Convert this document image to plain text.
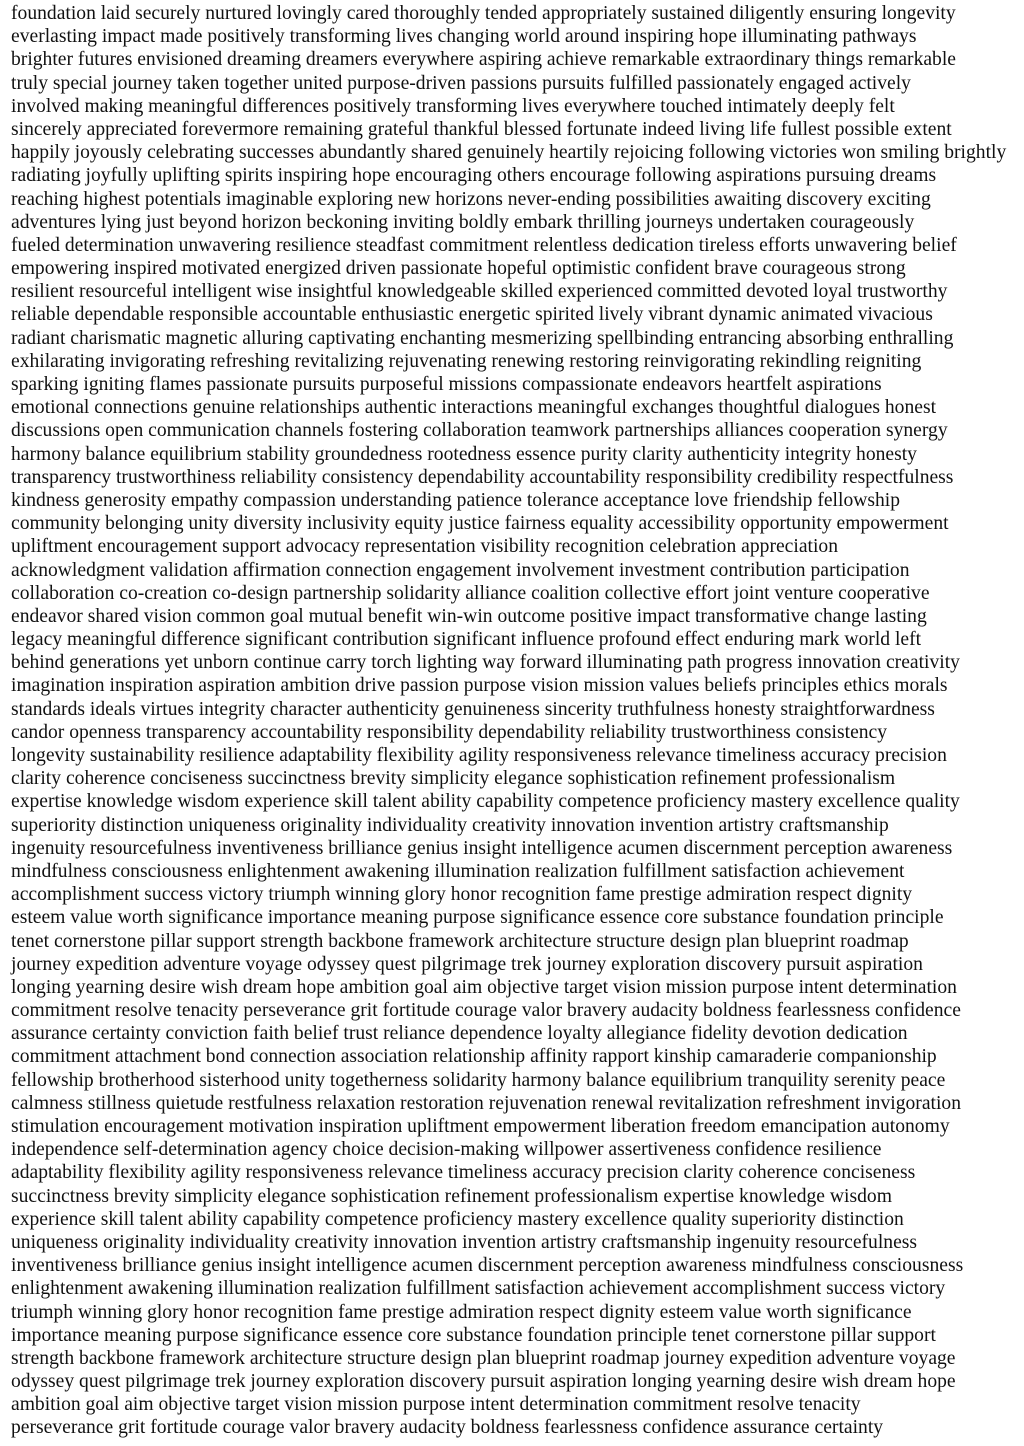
foundation laid securely nurtured lovingly cared thoroughly tended appropriately sustained diligently ensuring longevity
everlasting impact made positively transforming lives changing world around inspiring hope illuminating pathways
brighter futures envisioned dreaming dreamers everywhere aspiring achieve remarkable extraordinary things remarkable
truly special journey taken together united purpose-driven passions pursuits fulfilled passionately engaged actively
involved making meaningful differences positively transforming lives everywhere touched intimately deeply felt
sincerely appreciated forevermore remaining grateful thankful blessed fortunate indeed living life fullest possible extent
happily joyously celebrating successes abundantly shared genuinely heartily rejoicing following victories won smiling brightly
radiating joyfully uplifting spirits inspiring hope encouraging others encourage following aspirations pursuing dreams
reaching highest potentials imaginable exploring new horizons never-ending possibilities awaiting discovery exciting
adventures lying just beyond horizon beckoning inviting boldly embark thrilling journeys undertaken courageously
fueled determination unwavering resilience steadfast commitment relentless dedication tireless efforts unwavering belief
empowering inspired motivated energized driven passionate hopeful optimistic confident brave courageous strong
resilient resourceful intelligent wise insightful knowledgeable skilled experienced committed devoted loyal trustworthy
reliable dependable responsible accountable enthusiastic energetic spirited lively vibrant dynamic animated vivacious
radiant charismatic magnetic alluring captivating enchanting mesmerizing spellbinding entrancing absorbing enthralling
exhilarating invigorating refreshing revitalizing rejuvenating renewing restoring reinvigorating rekindling reigniting
sparking igniting flames passionate pursuits purposeful missions compassionate endeavors heartfelt aspirations
emotional connections genuine relationships authentic interactions meaningful exchanges thoughtful dialogues honest
discussions open communication channels fostering collaboration teamwork partnerships alliances cooperation synergy
harmony balance equilibrium stability groundedness rootedness essence purity clarity authenticity integrity honesty
transparency trustworthiness reliability consistency dependability accountability responsibility credibility respectfulness
kindness generosity empathy compassion understanding patience tolerance acceptance love friendship fellowship
community belonging unity diversity inclusivity equity justice fairness equality accessibility opportunity empowerment
upliftment encouragement support advocacy representation visibility recognition celebration appreciation
acknowledgment validation affirmation connection engagement involvement investment contribution participation
collaboration co-creation co-design partnership solidarity alliance coalition collective effort joint venture cooperative
endeavor shared vision common goal mutual benefit win-win outcome positive impact transformative change lasting
legacy meaningful difference significant contribution significant influence profound effect enduring mark world left
behind generations yet unborn continue carry torch lighting way forward illuminating path progress innovation creativity
imagination inspiration aspiration ambition drive passion purpose vision mission values beliefs principles ethics morals
standards ideals virtues integrity character authenticity genuineness sincerity truthfulness honesty straightforwardness
candor openness transparency accountability responsibility dependability reliability trustworthiness consistency
longevity sustainability resilience adaptability flexibility agility responsiveness relevance timeliness accuracy precision
clarity coherence conciseness succinctness brevity simplicity elegance sophistication refinement professionalism
expertise knowledge wisdom experience skill talent ability capability competence proficiency mastery excellence quality
superiority distinction uniqueness originality individuality creativity innovation invention artistry craftsmanship
ingenuity resourcefulness inventiveness brilliance genius insight intelligence acumen discernment perception awareness
mindfulness consciousness enlightenment awakening illumination realization fulfillment satisfaction achievement
accomplishment success victory triumph winning glory honor recognition fame prestige admiration respect dignity
esteem value worth significance importance meaning purpose significance essence core substance foundation principle
tenet cornerstone pillar support strength backbone framework architecture structure design plan blueprint roadmap
journey expedition adventure voyage odyssey quest pilgrimage trek journey exploration discovery pursuit aspiration
longing yearning desire wish dream hope ambition goal aim objective target vision mission purpose intent determination
commitment resolve tenacity perseverance grit fortitude courage valor bravery audacity boldness fearlessness confidence
assurance certainty conviction faith belief trust reliance dependence loyalty allegiance fidelity devotion dedication
commitment attachment bond connection association relationship affinity rapport kinship camaraderie companionship
fellowship brotherhood sisterhood unity togetherness solidarity harmony balance equilibrium tranquility serenity peace
calmness stillness quietude restfulness relaxation restoration rejuvenation renewal revitalization refreshment invigoration
stimulation encouragement motivation inspiration upliftment empowerment liberation freedom emancipation autonomy
independence self-determination agency choice decision-making willpower assertiveness confidence resilience
adaptability flexibility agility responsiveness relevance timeliness accuracy precision clarity coherence conciseness
succinctness brevity simplicity elegance sophistication refinement professionalism expertise knowledge wisdom
experience skill talent ability capability competence proficiency mastery excellence quality superiority distinction
uniqueness originality individuality creativity innovation invention artistry craftsmanship ingenuity resourcefulness
inventiveness brilliance genius insight intelligence acumen discernment perception awareness mindfulness consciousness
enlightenment awakening illumination realization fulfillment satisfaction achievement accomplishment success victory
triumph winning glory honor recognition fame prestige admiration respect dignity esteem value worth significance
importance meaning purpose significance essence core substance foundation principle tenet cornerstone pillar support
strength backbone framework architecture structure design plan blueprint roadmap journey expedition adventure voyage
odyssey quest pilgrimage trek journey exploration discovery pursuit aspiration longing yearning desire wish dream hope
ambition goal aim objective target vision mission purpose intent determination commitment resolve tenacity
perseverance grit fortitude courage valor bravery audacity boldness fearlessness confidence assurance certainty
